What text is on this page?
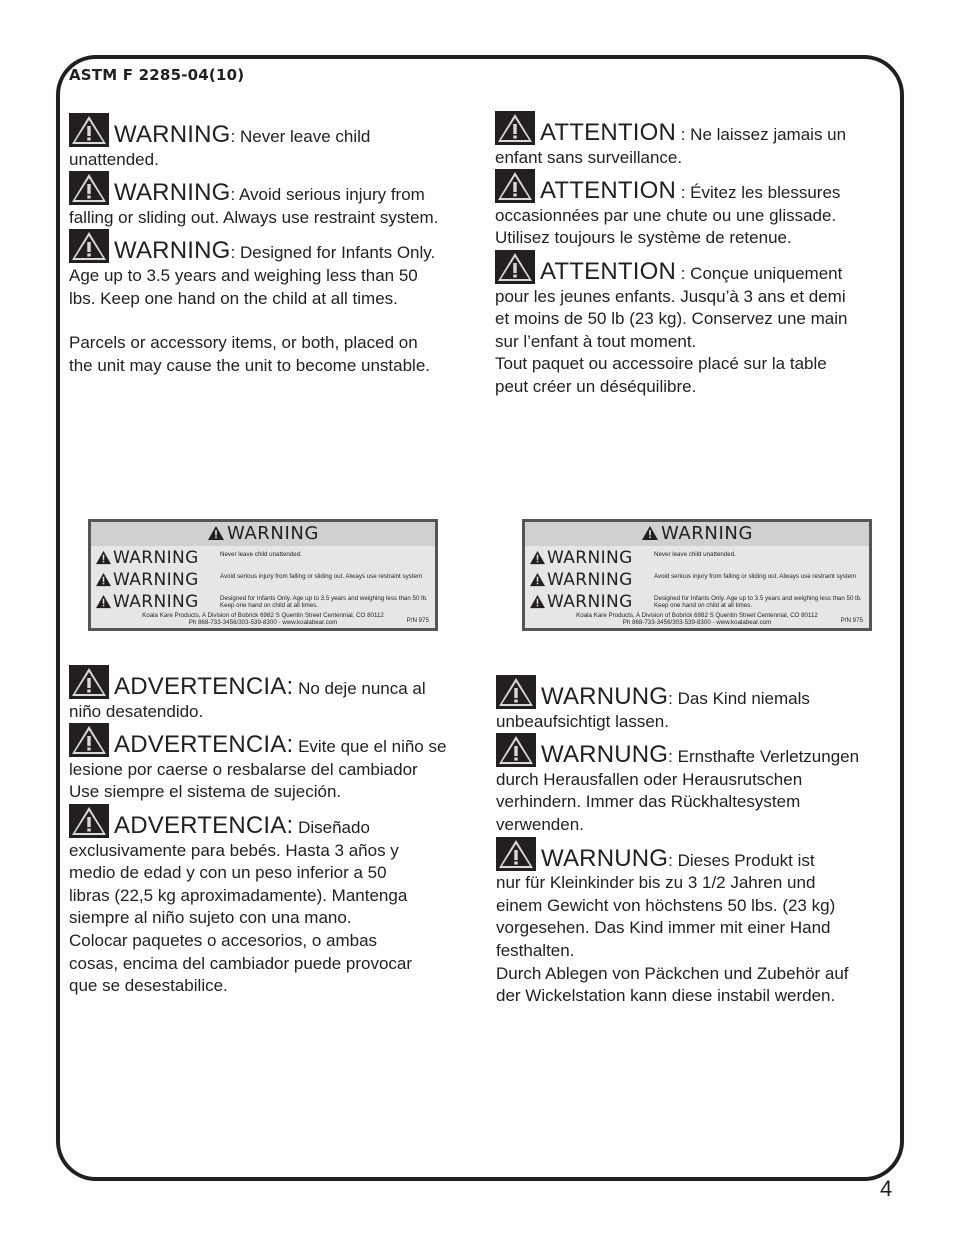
ASTM F 2285-04(10)

WARNING: Never leave child
unattended.

WARNING: Avoid serious injury from
falling or sliding out. Always use restraint system.

WARNING: Designed for Infants Only.
Age up to 3.5 years and weighing less than 50
lbs. Keep one hand on the child at all times.

Parcels or accessory items, or both, placed on
the unit may cause the unit to become unstable.

ATTENTION : Ne laissez jamais un
enfant sans surveillance.

ATTENTION : Évitez les blessures
occasionnées par une chute ou une glissade.
Utilisez toujours le système de retenue.

ATTENTION : Conçue uniquement
pour les jeunes enfants. Jusqu’à 3 ans et demi
et moins de 50 lb (23 kg). Conservez une main
sur l’enfant à tout moment.

Tout paquet ou accessoire placé sur la table
peut créer un déséquilibre.

WARNING
WARNING	Never leave child unattended.
WARNING	Avoid serious injury from falling or sliding out. Always use restraint system
WARNING	Designed for Infants Only. Age up to 3.5 years and weighing less than 50 lb. Keep one hand on child at all times.
Koala Kare Products, A Division of Bobrick 6982 S Quentin Street Centennial, CO 80112
Ph 868-733-3456/303-539-8300 - www.koalabear.com	P/N 975
WARNING
WARNING	Never leave child unattended.
WARNING	Avoid serious injury from falling or sliding out. Always use restraint system
WARNING	Designed for Infants Only. Age up to 3.5 years and weighing less than 50 lb. Keep one hand on child at all times.
Koala Kare Products, A Division of Bobrick 6982 S Quentin Street Centennial, CO 80112
Ph 868-733-3456/303-539-8300 - www.koalabear.com	P/N 975

ADVERTENCIA: No deje nunca al
niño desatendido.

ADVERTENCIA: Evite que el niño se
lesione por caerse o resbalarse del cambiador
Use siempre el sistema de sujeción.

ADVERTENCIA: Diseñado
exclusivamente para bebés. Hasta 3 años y
medio de edad y con un peso inferior a 50
libras (22,5 kg aproximadamente). Mantenga
siempre al niño sujeto con una mano.

Colocar paquetes o accesorios, o ambas
cosas, encima del cambiador puede provocar
que se desestabilice.

WARNUNG: Das Kind niemals
unbeaufsichtigt lassen.

WARNUNG: Ernsthafte Verletzungen
durch Herausfallen oder Herausrutschen
verhindern. Immer das Rückhaltesystem
verwenden.

WARNUNG: Dieses Produkt ist
nur für Kleinkinder bis zu 3 1/2 Jahren und
einem Gewicht von höchstens 50 lbs. (23 kg)
vorgesehen. Das Kind immer mit einer Hand
festhalten.

Durch Ablegen von Päckchen und Zubehör auf
der Wickelstation kann diese instabil werden.

4
